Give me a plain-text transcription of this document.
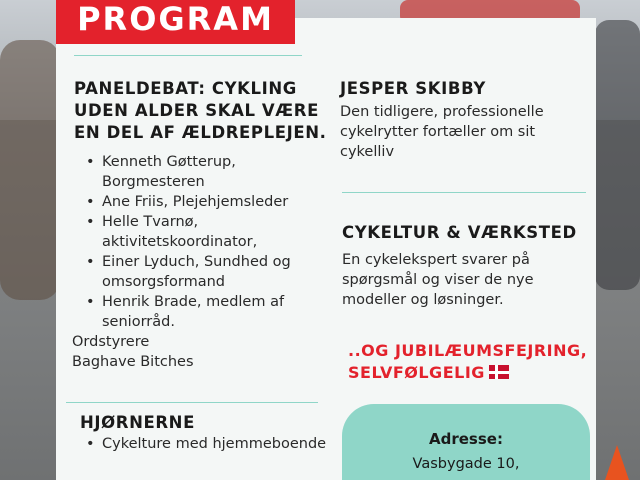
PROGRAM
PANELDEBAT: CYKLING UDEN ALDER SKAL VÆRE EN DEL AF ÆLDREPLEJEN.
• Kenneth Gøtterup, Borgmesteren
• Ane Friis, Plejehjemsleder
• Helle Tvarnø, aktivitetskoordinator,
• Einer Lyduch, Sundhed og omsorgsformand
• Henrik Brade, medlem af seniorråd.
Ordstyrere
Baghave Bitches
HJØRNERNE
• Cykelture med hjemmeboende
JESPER SKIBBY
Den tidligere, professionelle cykelrytter fortæller om sit cykelliv
CYKELTUR & VÆRKSTED
En cykelekspert svarer på spørgsmål og viser de nye modeller og løsninger.
..OG JUBILÆUMSFEJRING, SELVFØLGELIG
Adresse:
Vasbygade 10,
